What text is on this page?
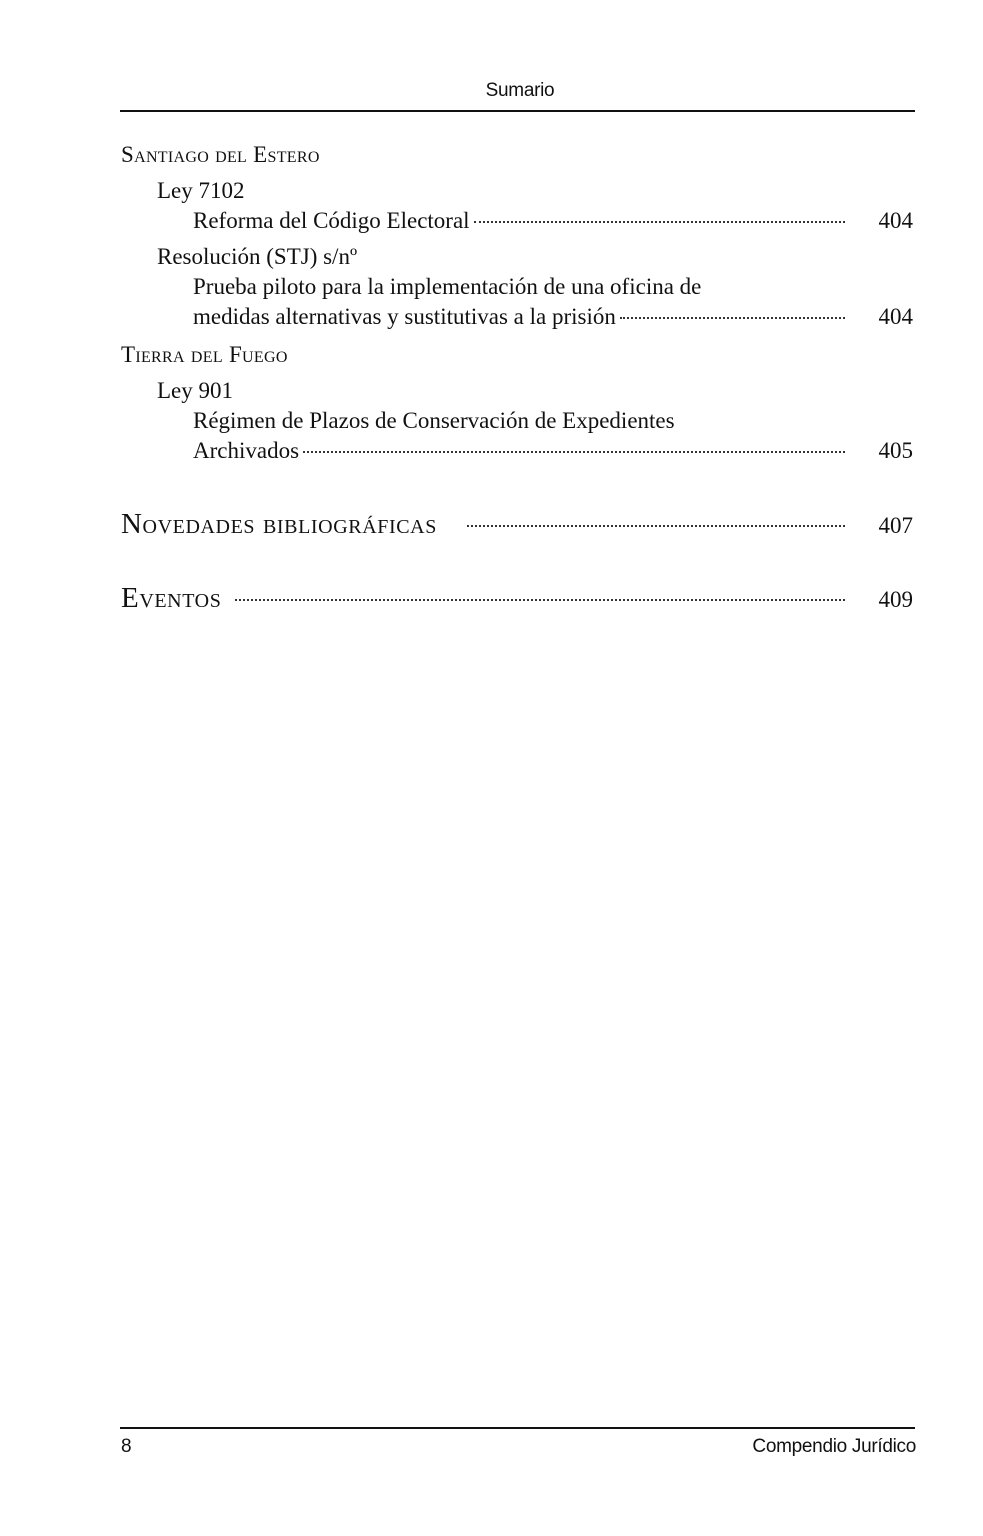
Sumario
Santiago del Estero
Ley 7102
Reforma del Código Electoral	404
Resolución (STJ) s/nº
Prueba piloto para la implementación de una oficina de
medidas alternativas y sustitutivas a la prisión	404
Tierra del Fuego
Ley 901
Régimen de Plazos de Conservación de Expedientes
Archivados	405
Novedades bibliográficas	407
Eventos	409
8	Compendio Jurídico
